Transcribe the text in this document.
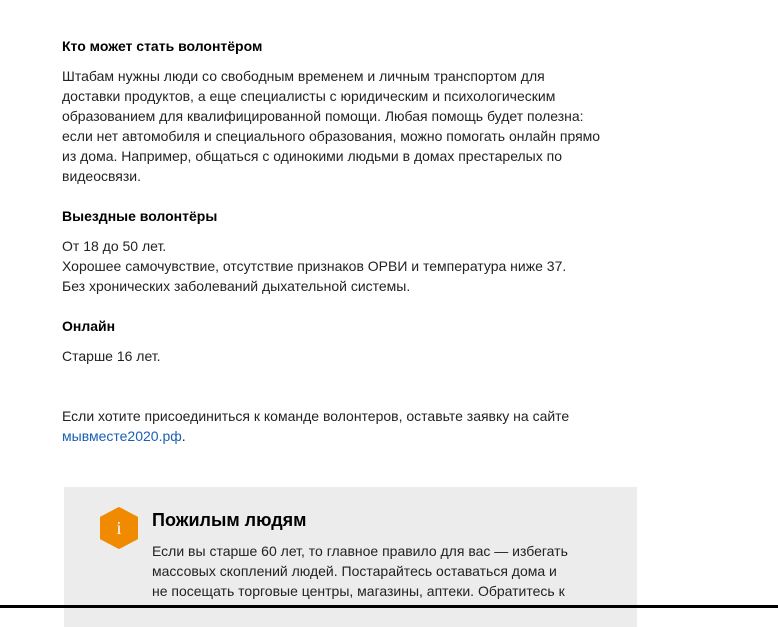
Кто может стать волонтёром

Штабам нужны люди со свободным временем и личным транспортом для
доставки продуктов, а еще специалисты с юридическим и психологическим
образованием для квалифицированной помощи. Любая помощь будет полезна:
если нет автомобиля и специального образования, можно помогать онлайн прямо
из дома. Например, общаться с одинокими людьми в домах престарелых по
видеосвязи.

Выездные волонтёры

От 18 до 50 лет.
Хорошее самочувствие, отсутствие признаков ОРВИ и температура ниже 37.
Без хронических заболеваний дыхательной системы.

Онлайн

Старше 16 лет.

Если хотите присоединиться к команде волонтеров, оставьте заявку на сайте
мывместе2020.рф.

i Пожилым людям

Если вы старше 60 лет, то главное правило для вас — избегать
массовых скоплений людей. Постарайтесь оставаться дома и
не посещать торговые центры, магазины, аптеки. Обратитесь к
